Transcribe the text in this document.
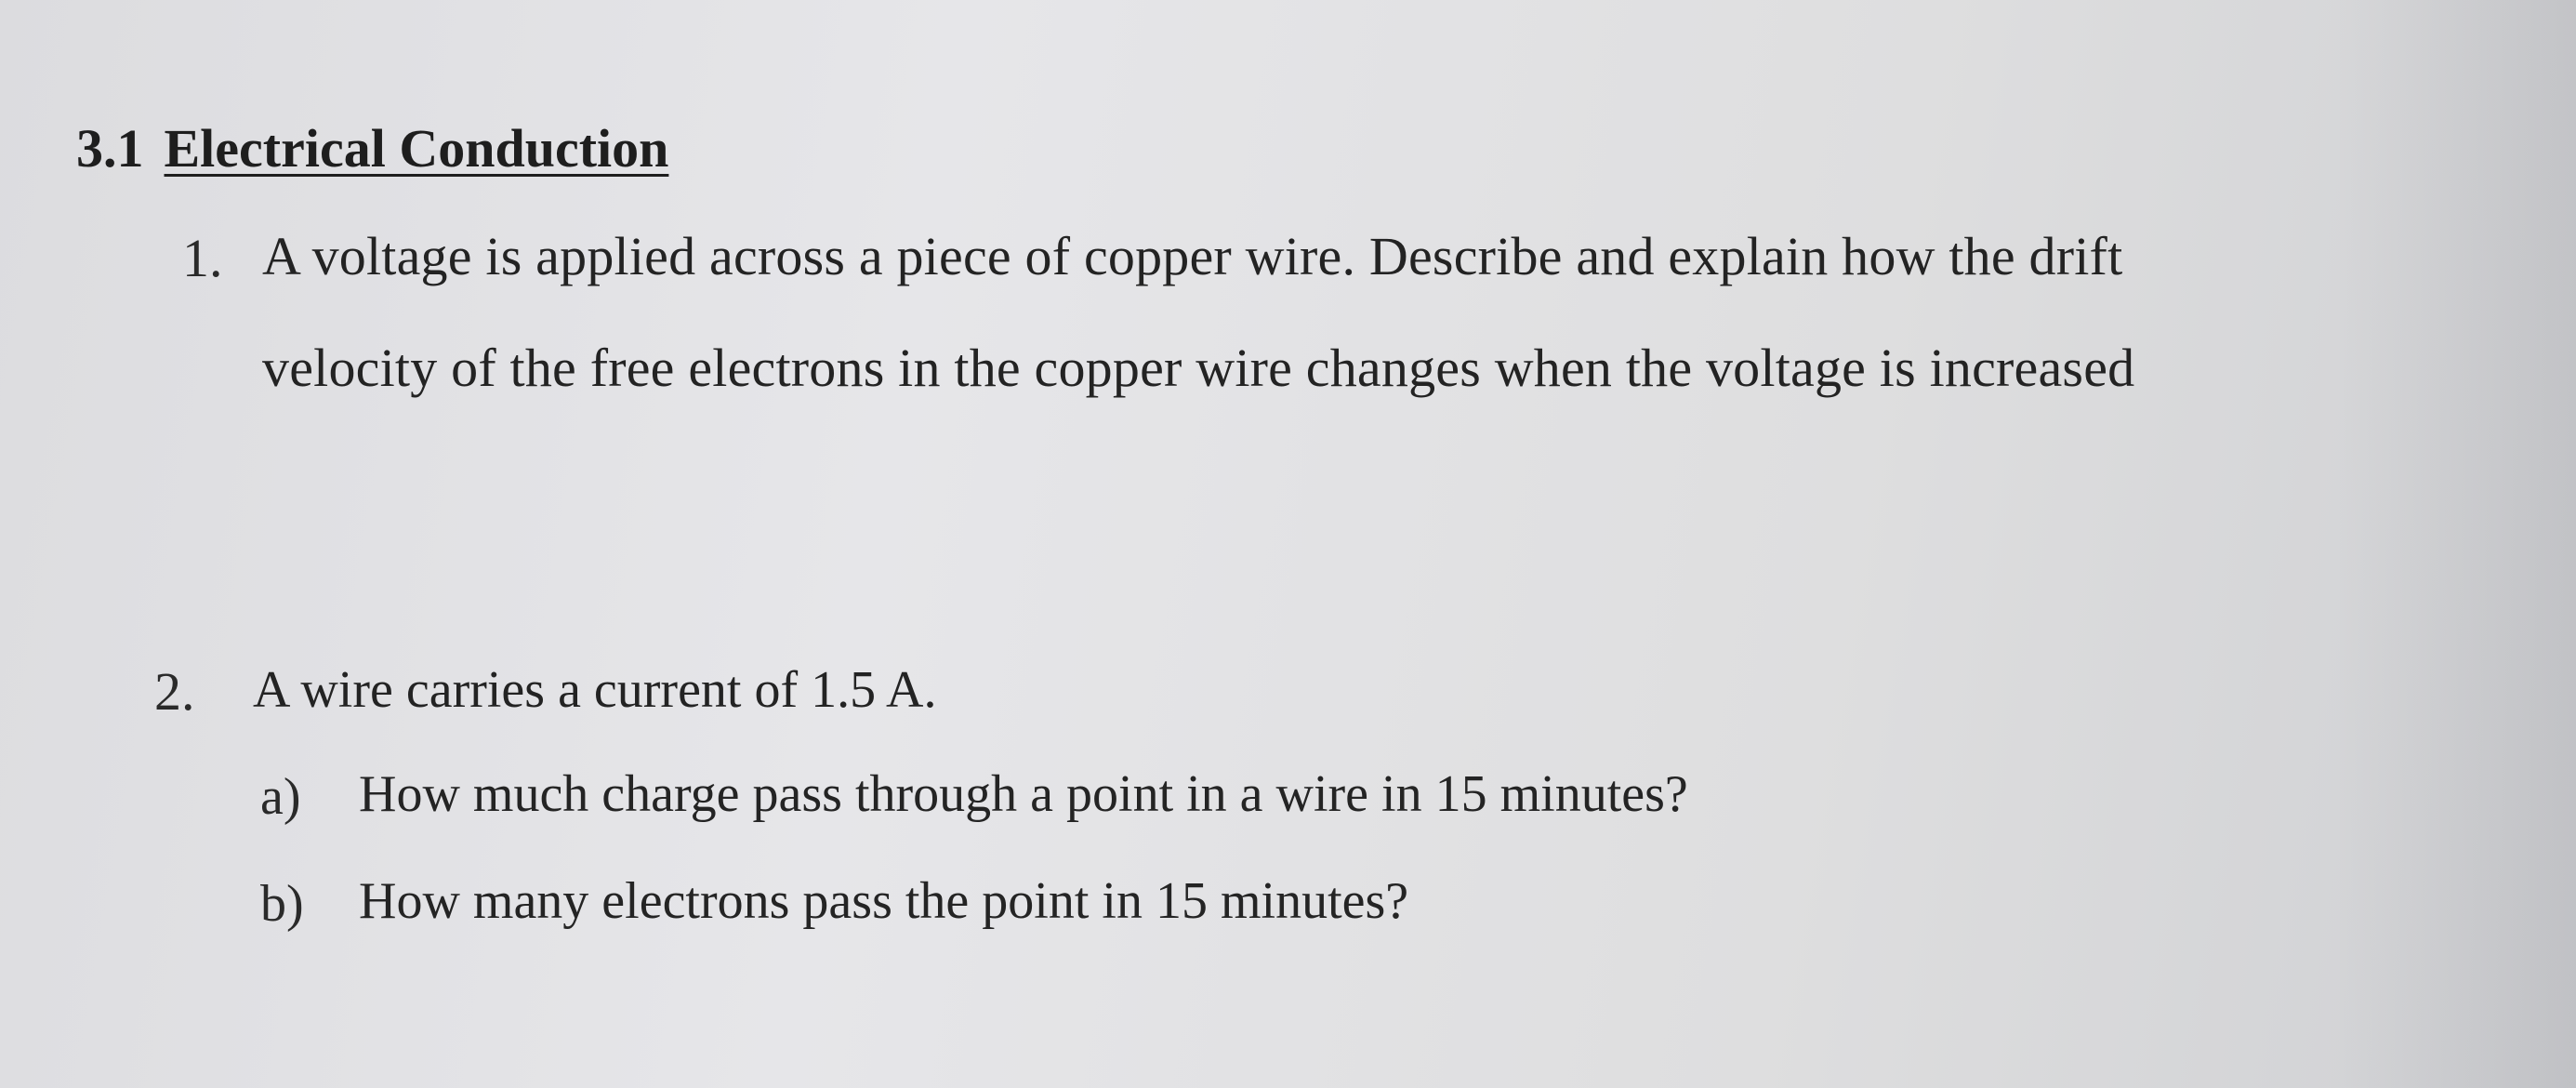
3.1 Electrical Conduction
1. A voltage is applied across a piece of copper wire. Describe and explain how the drift
velocity of the free electrons in the copper wire changes when the voltage is increased
2. A wire carries a current of 1.5 A.
a) How much charge pass through a point in a wire in 15 minutes?
b) How many electrons pass the point in 15 minutes?
